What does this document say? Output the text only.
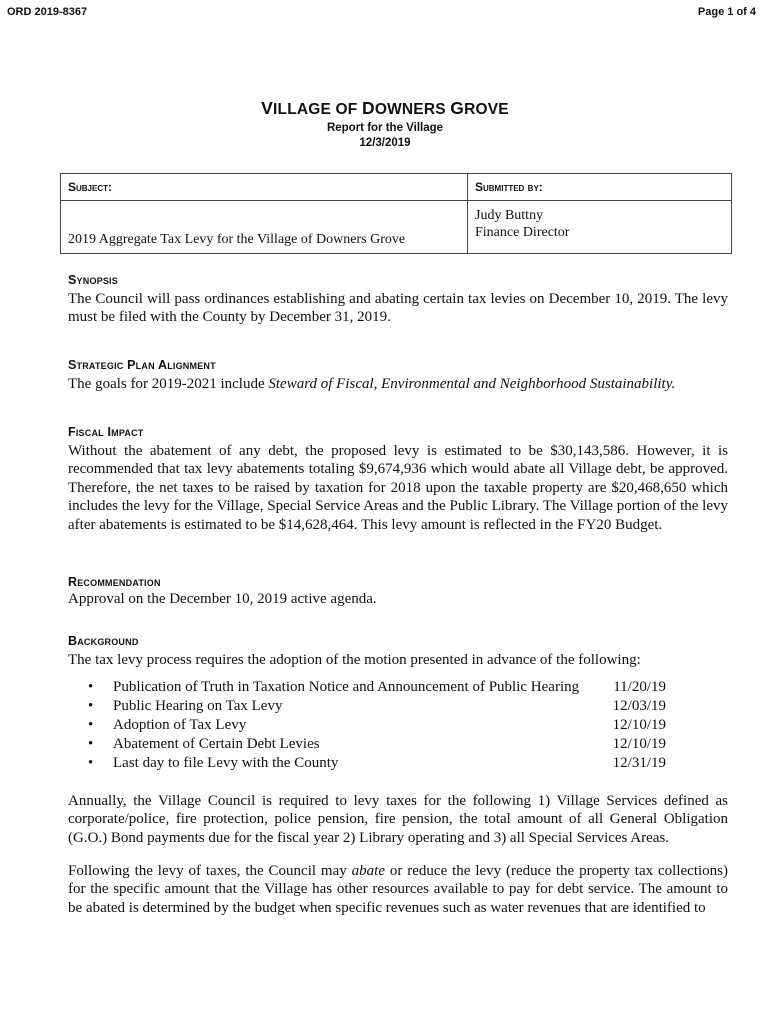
ORD 2019-8367	Page 1 of 4
VILLAGE OF DOWNERS GROVE
Report for the Village
12/3/2019
Subject:	Submitted by:
2019 Aggregate Tax Levy for the Village of Downers Grove	Judy Buttny
Finance Director
Synopsis
The Council will pass ordinances establishing and abating certain tax levies on December 10, 2019. The levy must be filed with the County by December 31, 2019.
Strategic Plan Alignment
The goals for 2019-2021 include Steward of Fiscal, Environmental and Neighborhood Sustainability.
Fiscal Impact
Without the abatement of any debt, the proposed levy is estimated to be $30,143,586. However, it is recommended that tax levy abatements totaling $9,674,936 which would abate all Village debt, be approved. Therefore, the net taxes to be raised by taxation for 2018 upon the taxable property are $20,468,650 which includes the levy for the Village, Special Service Areas and the Public Library. The Village portion of the levy after abatements is estimated to be $14,628,464. This levy amount is reflected in the FY20 Budget.
Recommendation
Approval on the December 10, 2019 active agenda.
Background
The tax levy process requires the adoption of the motion presented in advance of the following:
• Publication of Truth in Taxation Notice and Announcement of Public Hearing 11/20/19
• Public Hearing on Tax Levy	12/03/19
• Adoption of Tax Levy	12/10/19
• Abatement of Certain Debt Levies	12/10/19
• Last day to file Levy with the County	12/31/19
Annually, the Village Council is required to levy taxes for the following 1) Village Services defined as corporate/police, fire protection, police pension, fire pension, the total amount of all General Obligation (G.O.) Bond payments due for the fiscal year 2) Library operating and 3) all Special Services Areas.
Following the levy of taxes, the Council may abate or reduce the levy (reduce the property tax collections) for the specific amount that the Village has other resources available to pay for debt service. The amount to be abated is determined by the budget when specific revenues such as water revenues that are identified to
